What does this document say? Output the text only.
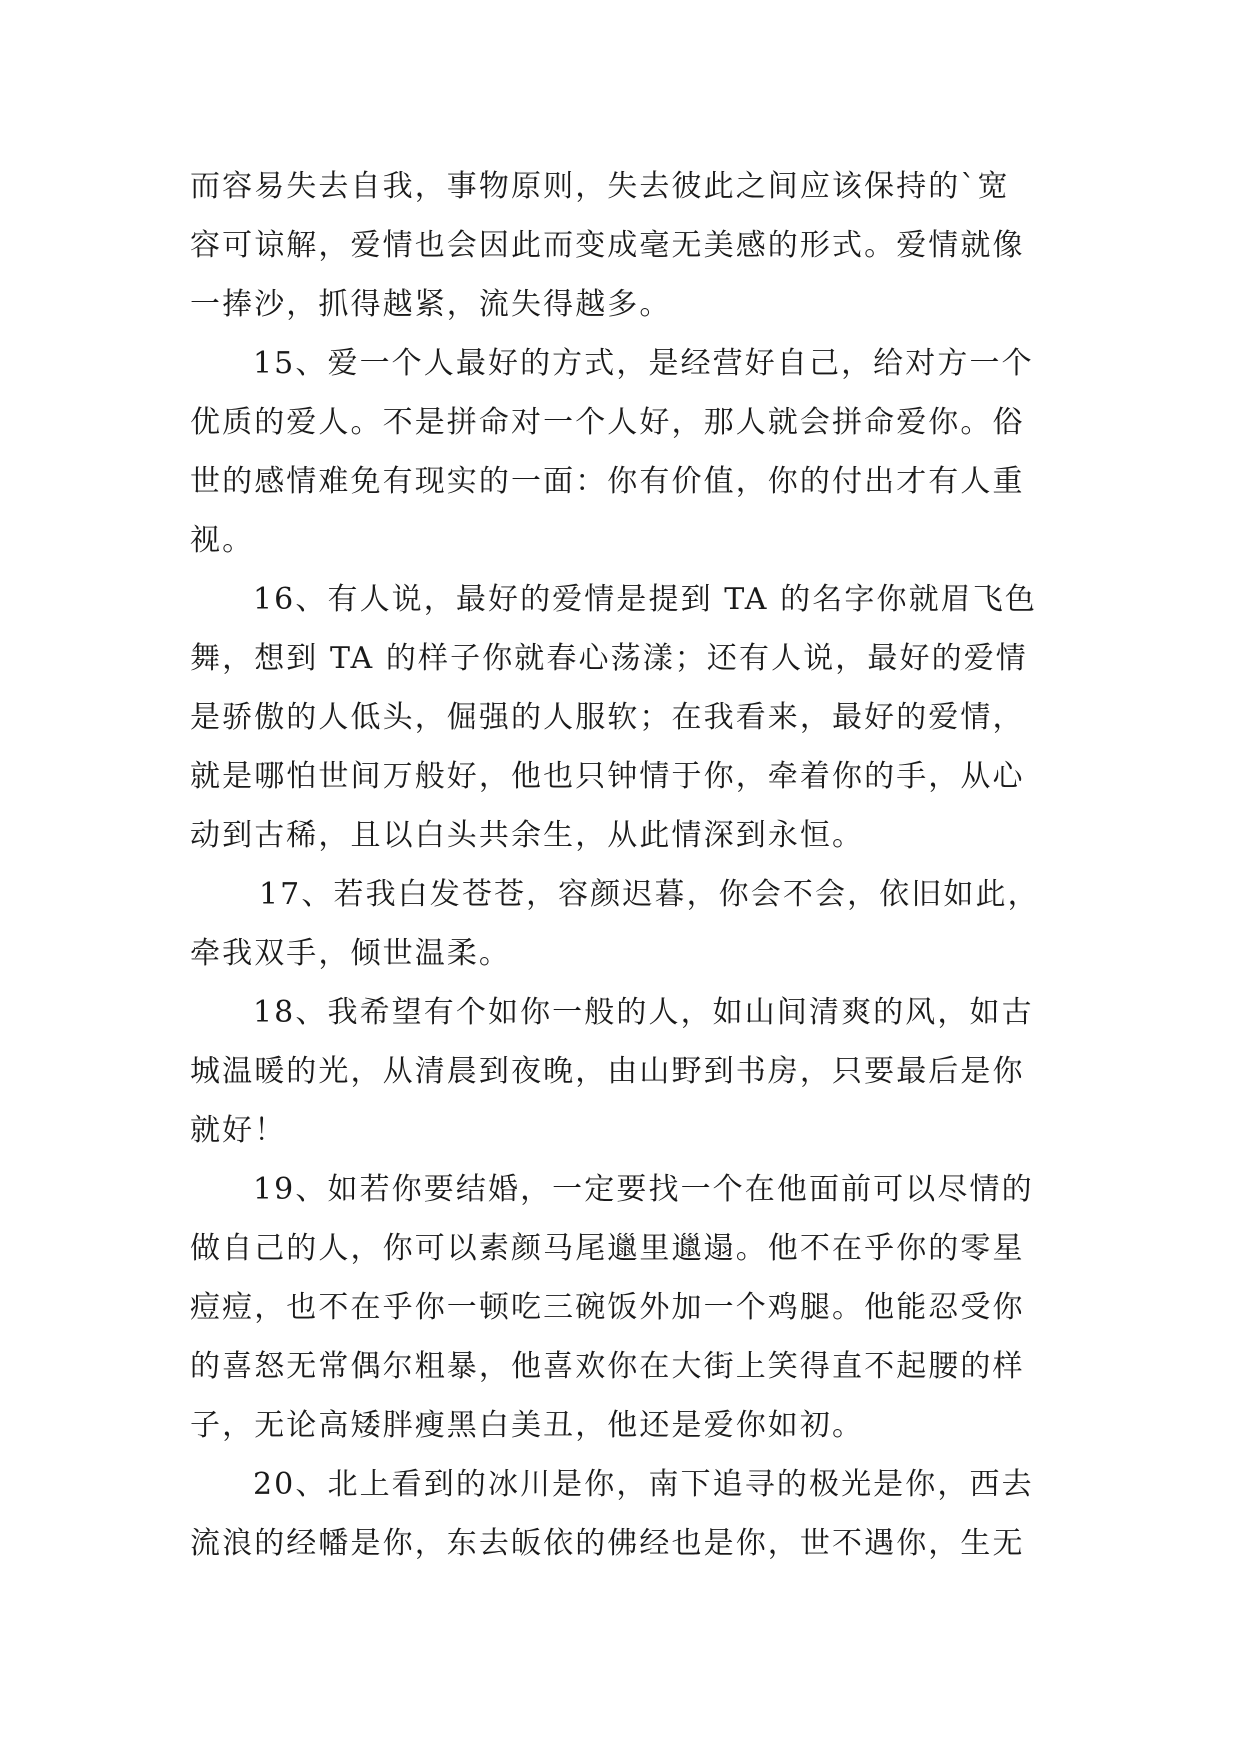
而容易失去自我，事物原则，失去彼此之间应该保持的`宽

容可谅解，爱情也会因此而变成毫无美感的形式。爱情就像

一捧沙，抓得越紧，流失得越多。

15、爱一个人最好的方式，是经营好自己，给对方一个

优质的爱人。不是拼命对一个人好，那人就会拼命爱你。俗

世的感情难免有现实的一面：你有价值，你的付出才有人重

视。

16、有人说，最好的爱情是提到 TA 的名字你就眉飞色

舞，想到 TA 的样子你就春心荡漾；还有人说，最好的爱情

是骄傲的人低头，倔强的人服软；在我看来，最好的爱情，

就是哪怕世间万般好，他也只钟情于你，牵着你的手，从心

动到古稀，且以白头共余生，从此情深到永恒。

17、若我白发苍苍，容颜迟暮，你会不会，依旧如此，

牵我双手，倾世温柔。

18、我希望有个如你一般的人，如山间清爽的风，如古

城温暖的光，从清晨到夜晚，由山野到书房，只要最后是你

就好！

19、如若你要结婚，一定要找一个在他面前可以尽情的

做自己的人，你可以素颜马尾邋里邋遢。他不在乎你的零星

痘痘，也不在乎你一顿吃三碗饭外加一个鸡腿。他能忍受你

的喜怒无常偶尔粗暴，他喜欢你在大街上笑得直不起腰的样

子，无论高矮胖瘦黑白美丑，他还是爱你如初。

20、北上看到的冰川是你，南下追寻的极光是你，西去

流浪的经幡是你，东去皈依的佛经也是你，世不遇你，生无
